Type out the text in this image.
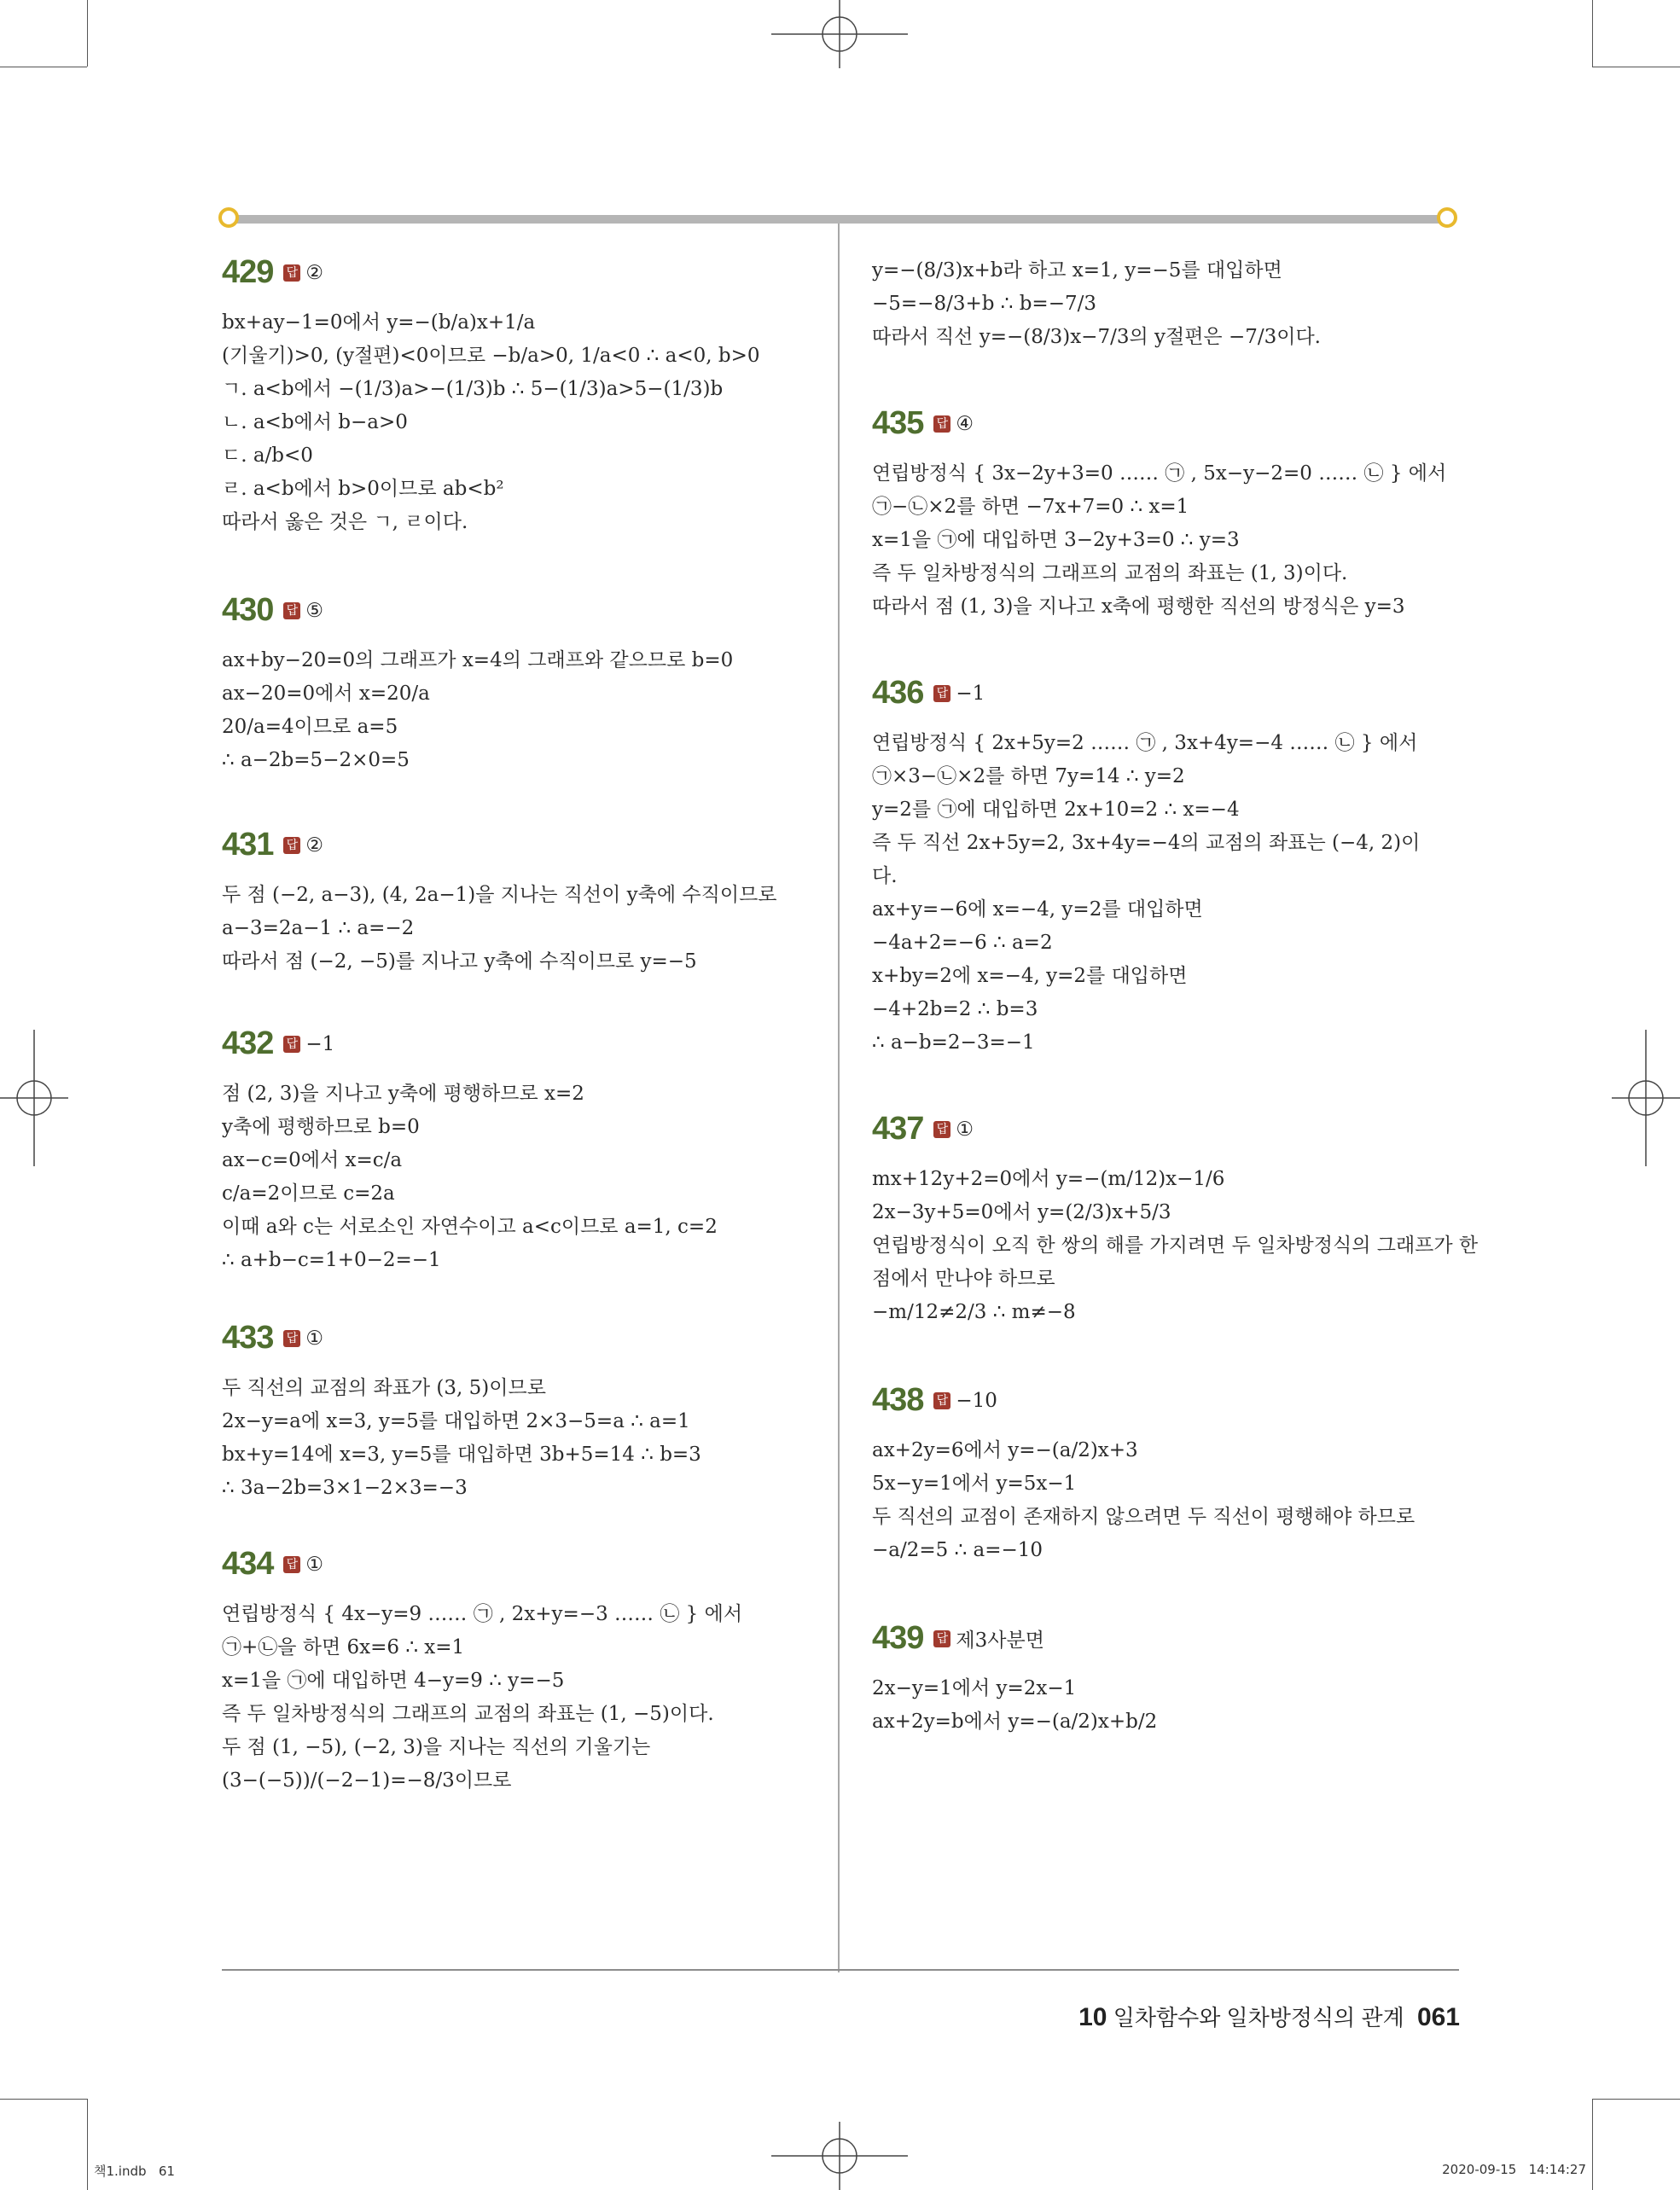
429 답 ②
bx+ay−1=0에서 y=−(b/a)x+1/a
(기울기)>0, (y절편)<0이므로 −b/a>0, 1/a<0 ∴ a<0, b>0
ㄱ. a<b에서 −(1/3)a>−(1/3)b ∴ 5−(1/3)a>5−(1/3)b
ㄴ. a<b에서 b−a>0
ㄷ. a/b<0
ㄹ. a<b에서 b>0이므로 ab<b²
따라서 옳은 것은 ㄱ, ㄹ이다.
430 답 ⑤
ax+by−20=0의 그래프가 x=4의 그래프와 같으므로 b=0
ax−20=0에서 x=20/a
20/a=4이므로 a=5
∴ a−2b=5−2×0=5
431 답 ②
두 점 (−2, a−3), (4, 2a−1)을 지나는 직선이 y축에 수직이므로
a−3=2a−1 ∴ a=−2
따라서 점 (−2, −5)를 지나고 y축에 수직이므로 y=−5
432 답 −1
점 (2, 3)을 지나고 y축에 평행하므로 x=2
y축에 평행하므로 b=0
ax−c=0에서 x=c/a
c/a=2이므로 c=2a
이때 a와 c는 서로소인 자연수이고 a<c이므로 a=1, c=2
∴ a+b−c=1+0−2=−1
433 답 ①
두 직선의 교점의 좌표가 (3, 5)이므로
2x−y=a에 x=3, y=5를 대입하면 2×3−5=a ∴ a=1
bx+y=14에 x=3, y=5를 대입하면 3b+5=14 ∴ b=3
∴ 3a−2b=3×1−2×3=−3
434 답 ①
연립방정식 { 4x−y=9 …… ㉠ , 2x+y=−3 …… ㉡ } 에서
㉠+㉡을 하면 6x=6 ∴ x=1
x=1을 ㉠에 대입하면 4−y=9 ∴ y=−5
즉 두 일차방정식의 그래프의 교점의 좌표는 (1, −5)이다.
두 점 (1, −5), (−2, 3)을 지나는 직선의 기울기는
(3−(−5))/(−2−1)=−8/3이므로
y=−(8/3)x+b라 하고 x=1, y=−5를 대입하면
−5=−8/3+b ∴ b=−7/3
따라서 직선 y=−(8/3)x−7/3의 y절편은 −7/3이다.
435 답 ④
연립방정식 { 3x−2y+3=0 …… ㉠ , 5x−y−2=0 …… ㉡ } 에서
㉠−㉡×2를 하면 −7x+7=0 ∴ x=1
x=1을 ㉠에 대입하면 3−2y+3=0 ∴ y=3
즉 두 일차방정식의 그래프의 교점의 좌표는 (1, 3)이다.
따라서 점 (1, 3)을 지나고 x축에 평행한 직선의 방정식은 y=3
436 답 −1
연립방정식 { 2x+5y=2 …… ㉠ , 3x+4y=−4 …… ㉡ } 에서
㉠×3−㉡×2를 하면 7y=14 ∴ y=2
y=2를 ㉠에 대입하면 2x+10=2 ∴ x=−4
즉 두 직선 2x+5y=2, 3x+4y=−4의 교점의 좌표는 (−4, 2)이
다.
ax+y=−6에 x=−4, y=2를 대입하면
−4a+2=−6 ∴ a=2
x+by=2에 x=−4, y=2를 대입하면
−4+2b=2 ∴ b=3
∴ a−b=2−3=−1
437 답 ①
mx+12y+2=0에서 y=−(m/12)x−1/6
2x−3y+5=0에서 y=(2/3)x+5/3
연립방정식이 오직 한 쌍의 해를 가지려면 두 일차방정식의 그래프가 한
점에서 만나야 하므로
−m/12≠2/3 ∴ m≠−8
438 답 −10
ax+2y=6에서 y=−(a/2)x+3
5x−y=1에서 y=5x−1
두 직선의 교점이 존재하지 않으려면 두 직선이 평행해야 하므로
−a/2=5 ∴ a=−10
439 답 제3사분면
2x−y=1에서 y=2x−1
ax+2y=b에서 y=−(a/2)x+b/2
10 일차함수와 일차방정식의 관계 061
책1.indb   61	2020-09-15   14:14:27
